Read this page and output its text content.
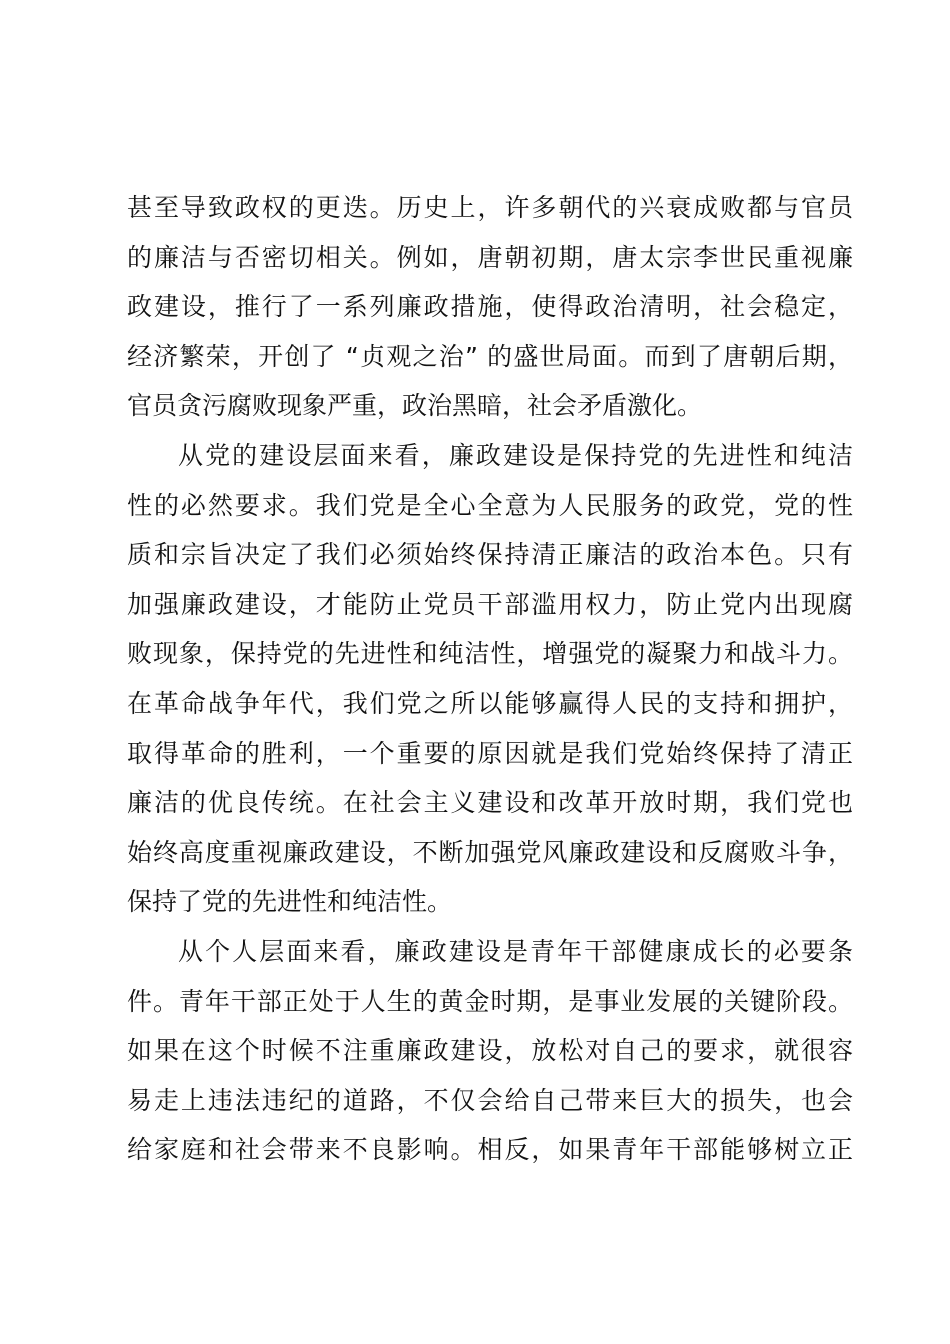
甚至导致政权的更迭。历史上，许多朝代的兴衰成败都与官员
的廉洁与否密切相关。例如，唐朝初期，唐太宗李世民重视廉
政建设，推行了一系列廉政措施，使得政治清明，社会稳定，
经济繁荣，开创了 “贞观之治” 的盛世局面。而到了唐朝后期，
官员贪污腐败现象严重，政治黑暗，社会矛盾激化。
从党的建设层面来看，廉政建设是保持党的先进性和纯洁
性的必然要求。我们党是全心全意为人民服务的政党，党的性
质和宗旨决定了我们必须始终保持清正廉洁的政治本色。只有
加强廉政建设，才能防止党员干部滥用权力，防止党内出现腐
败现象，保持党的先进性和纯洁性，增强党的凝聚力和战斗力。
在革命战争年代，我们党之所以能够赢得人民的支持和拥护，
取得革命的胜利，一个重要的原因就是我们党始终保持了清正
廉洁的优良传统。在社会主义建设和改革开放时期，我们党也
始终高度重视廉政建设，不断加强党风廉政建设和反腐败斗争，
保持了党的先进性和纯洁性。
从个人层面来看，廉政建设是青年干部健康成长的必要条
件。青年干部正处于人生的黄金时期，是事业发展的关键阶段。
如果在这个时候不注重廉政建设，放松对自己的要求，就很容
易走上违法违纪的道路，不仅会给自己带来巨大的损失，也会
给家庭和社会带来不良影响。相反，如果青年干部能够树立正
